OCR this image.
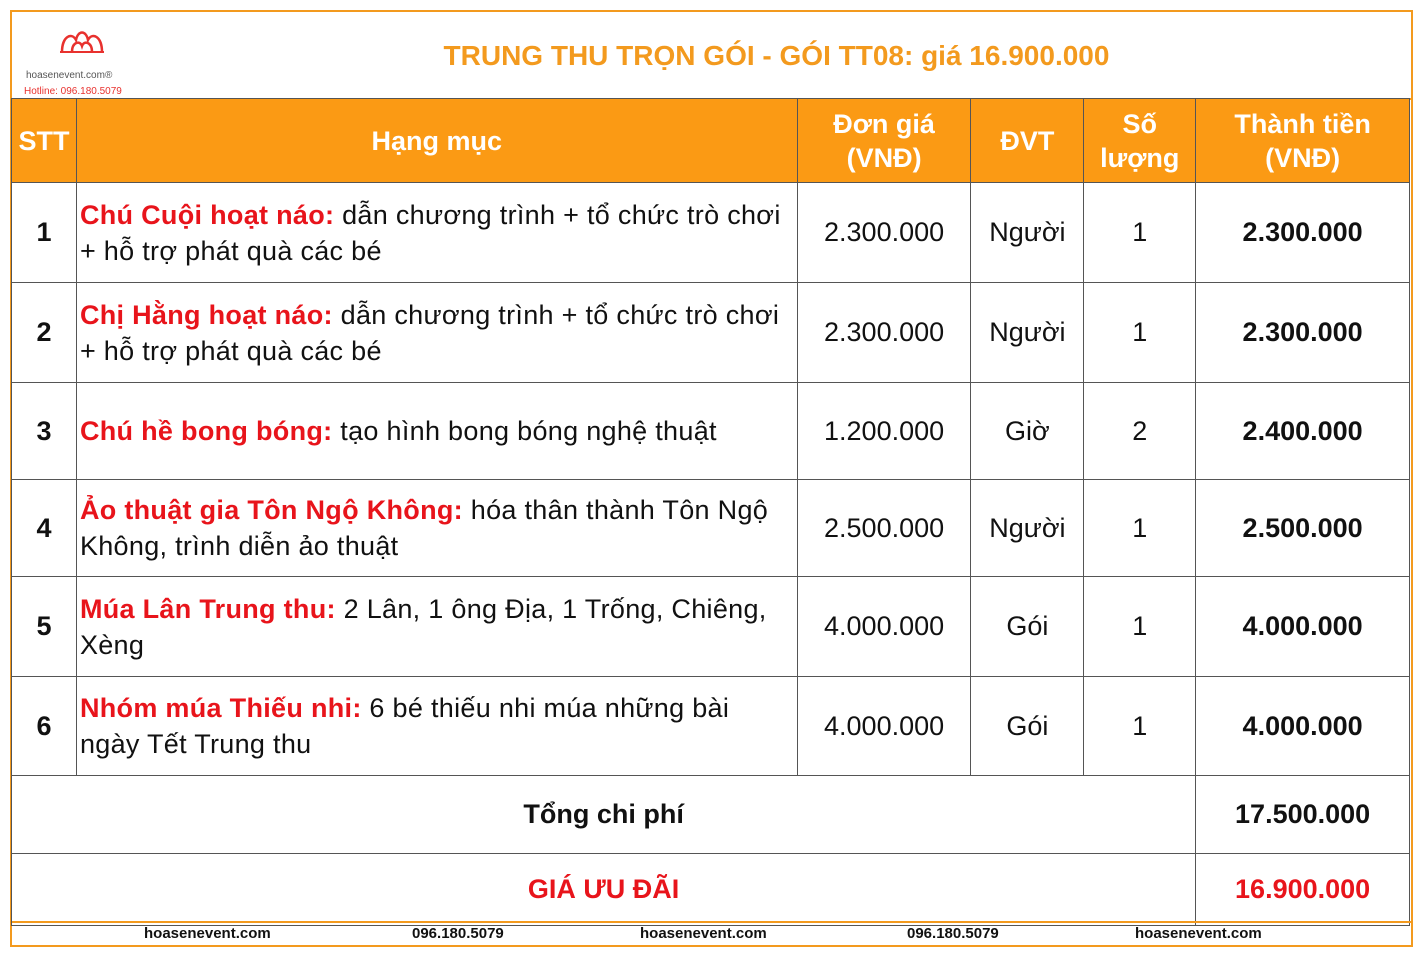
hoasenevent.com®
Hotline: 096.180.5079
TRUNG THU TRỌN GÓI - GÓI TT08: giá 16.900.000
STT	Hạng mục	Đơn giá (VNĐ)	ĐVT	Số lượng	Thành tiền (VNĐ)
1	Chú Cuội hoạt náo: dẫn chương trình + tổ chức trò chơi + hỗ trợ phát quà các bé	2.300.000	Người	1	2.300.000
2	Chị Hằng hoạt náo: dẫn chương trình + tổ chức trò chơi + hỗ trợ phát quà các bé	2.300.000	Người	1	2.300.000
3	Chú hề bong bóng: tạo hình bong bóng nghệ thuật	1.200.000	Giờ	2	2.400.000
4	Ảo thuật gia Tôn Ngộ Không: hóa thân thành Tôn Ngộ Không, trình diễn ảo thuật	2.500.000	Người	1	2.500.000
5	Múa Lân Trung thu: 2 Lân, 1 ông Địa, 1 Trống, Chiêng, Xèng	4.000.000	Gói	1	4.000.000
6	Nhóm múa Thiếu nhi: 6 bé thiếu nhi múa những bài ngày Tết Trung thu	4.000.000	Gói	1	4.000.000
Tổng chi phí					17.500.000
GIÁ ƯU ĐÃI					16.900.000
hoasenevent.com	096.180.5079	hoasenevent.com	096.180.5079	hoasenevent.com
